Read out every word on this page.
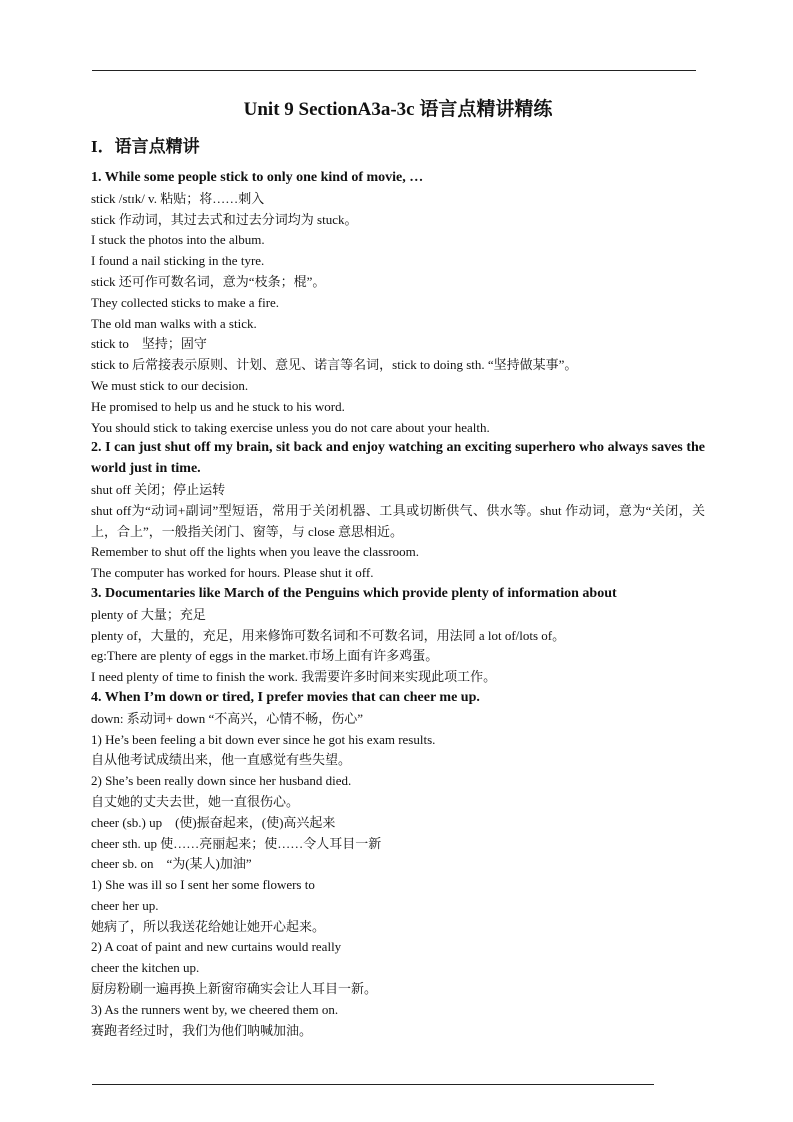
Unit 9 SectionA3a-3c 语言点精讲精练
I．语言点精讲

1. While some people stick to only one kind of movie, …

stick /stɪk/ v. 粘贴；将……刺入

stick 作动词，其过去式和过去分词均为 stuck。

I stuck the photos into the album.

I found a nail sticking in the tyre.

stick 还可作可数名词，意为“枝条；棍”。

They collected sticks to make a fire.

The old man walks with a stick.

stick to　坚持；固守

stick to 后常接表示原则、计划、意见、诺言等名词，stick to doing sth. “坚持做某事”。

We must stick to our decision.

He promised to help us and he stuck to his word.

You should stick to taking exercise unless you do not care about your health.

2. I can just shut off my brain, sit back and enjoy watching an exciting superhero who always saves the world just in time.

shut off 关闭；停止运转

shut off为“动词+副词”型短语，常用于关闭机器、工具或切断供气、供水等。shut 作动词，意为“关闭，关上，合上”，一般指关闭门、窗等，与 close 意思相近。

Remember to shut off the lights when you leave the classroom.

The computer has worked for hours. Please shut it off.

3. Documentaries like March of the Penguins which provide plenty of information about

plenty of 大量；充足

plenty of，大量的，充足，用来修饰可数名词和不可数名词，用法同 a lot of/lots of。

eg:There are plenty of eggs in the market.市场上面有许多鸡蛋。

I need plenty of time to finish the work. 我需要许多时间来实现此项工作。

4. When I’m down or tired, I prefer movies that can cheer me up.

down: 系动词+ down “不高兴，心情不畅，伤心”

1) He’s been feeling a bit down ever since he got his exam results.

自从他考试成绩出来，他一直感觉有些失望。

2) She’s been really down since her husband died.

自丈她的丈夫去世，她一直很伤心。

cheer (sb.) up　(使)振奋起来，(使)高兴起来

cheer sth. up 使……亮丽起来；使……令人耳目一新

cheer sb. on　“为(某人)加油”

1) She was ill so I sent her some flowers to

cheer her up.

她病了，所以我送花给她让她开心起来。

2) A coat of paint and new curtains would really

cheer the kitchen up.

厨房粉刷一遍再换上新窗帘确实会让人耳目一新。

3) As the runners went by, we cheered them on.

赛跑者经过时，我们为他们呐喊加油。
